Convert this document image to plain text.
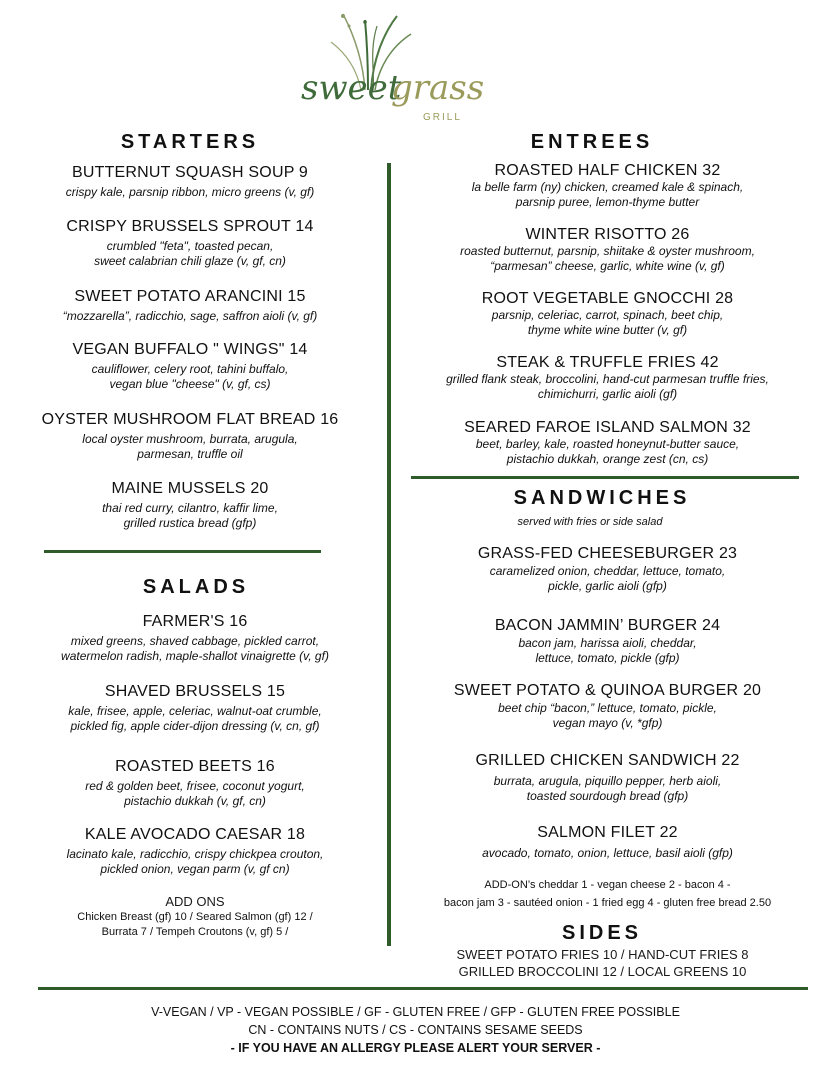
sweet
grass
GRILL
STARTERS
BUTTERNUT SQUASH SOUP 9
crispy kale, parsnip ribbon, micro greens (v, gf)
CRISPY BRUSSELS SPROUT 14
crumbled "feta", toasted pecan,
sweet calabrian chili glaze (v, gf, cn)
SWEET POTATO ARANCINI 15
“mozzarella”, radicchio, sage, saffron aioli (v, gf)
VEGAN BUFFALO " WINGS" 14
cauliflower, celery root, tahini buffalo,
vegan blue "cheese" (v, gf, cs)
OYSTER MUSHROOM FLAT BREAD 16
local oyster mushroom, burrata, arugula,
parmesan, truffle oil
MAINE MUSSELS 20
thai red curry, cilantro, kaffir lime,
grilled rustica bread (gfp)
SALADS
FARMER'S 16
mixed greens, shaved cabbage, pickled carrot,
watermelon radish, maple-shallot vinaigrette (v, gf)
SHAVED BRUSSELS 15
kale, frisee, apple, celeriac, walnut-oat crumble,
pickled fig, apple cider-dijon dressing (v, cn, gf)
ROASTED BEETS 16
red & golden beet, frisee, coconut yogurt,
pistachio dukkah (v, gf, cn)
KALE AVOCADO CAESAR 18
lacinato kale, radicchio, crispy chickpea crouton,
pickled onion, vegan parm (v, gf cn)
ADD ONS
Chicken Breast (gf) 10 / Seared Salmon (gf) 12 /
Burrata 7 / Tempeh Croutons (v, gf) 5 /
ENTREES
ROASTED HALF CHICKEN 32
la belle farm (ny) chicken, creamed kale & spinach,
parsnip puree, lemon-thyme butter
WINTER RISOTTO 26
roasted butternut, parsnip, shiitake & oyster mushroom,
“parmesan” cheese, garlic, white wine (v, gf)
ROOT VEGETABLE GNOCCHI 28
parsnip, celeriac, carrot, spinach, beet chip,
thyme white wine butter (v, gf)
STEAK & TRUFFLE FRIES 42
grilled flank steak, broccolini, hand-cut parmesan truffle fries,
chimichurri, garlic aioli (gf)
SEARED FAROE ISLAND SALMON 32
beet, barley, kale, roasted honeynut-butter sauce,
pistachio dukkah, orange zest (cn, cs)
SANDWICHES
served with fries or side salad
GRASS-FED CHEESEBURGER 23
caramelized onion, cheddar, lettuce, tomato,
pickle, garlic aioli (gfp)
BACON JAMMIN’ BURGER 24
bacon jam, harissa aioli, cheddar,
lettuce, tomato, pickle (gfp)
SWEET POTATO & QUINOA BURGER 20
beet chip “bacon,” lettuce, tomato, pickle,
vegan mayo (v, *gfp)
GRILLED CHICKEN SANDWICH 22
burrata, arugula, piquillo pepper, herb aioli,
toasted sourdough bread (gfp)
SALMON FILET 22
avocado, tomato, onion, lettuce, basil aioli (gfp)
ADD-ON’s cheddar 1 - vegan cheese 2 - bacon 4 -
bacon jam 3 - sautéed onion - 1 fried egg 4 - gluten free bread 2.50
SIDES
SWEET POTATO FRIES 10 / HAND-CUT FRIES 8
GRILLED BROCCOLINI 12 / LOCAL GREENS 10
V-VEGAN / VP - VEGAN POSSIBLE / GF - GLUTEN FREE / GFP - GLUTEN FREE POSSIBLE
CN - CONTAINS NUTS / CS - CONTAINS SESAME SEEDS
- IF YOU HAVE AN ALLERGY PLEASE ALERT YOUR SERVER -
